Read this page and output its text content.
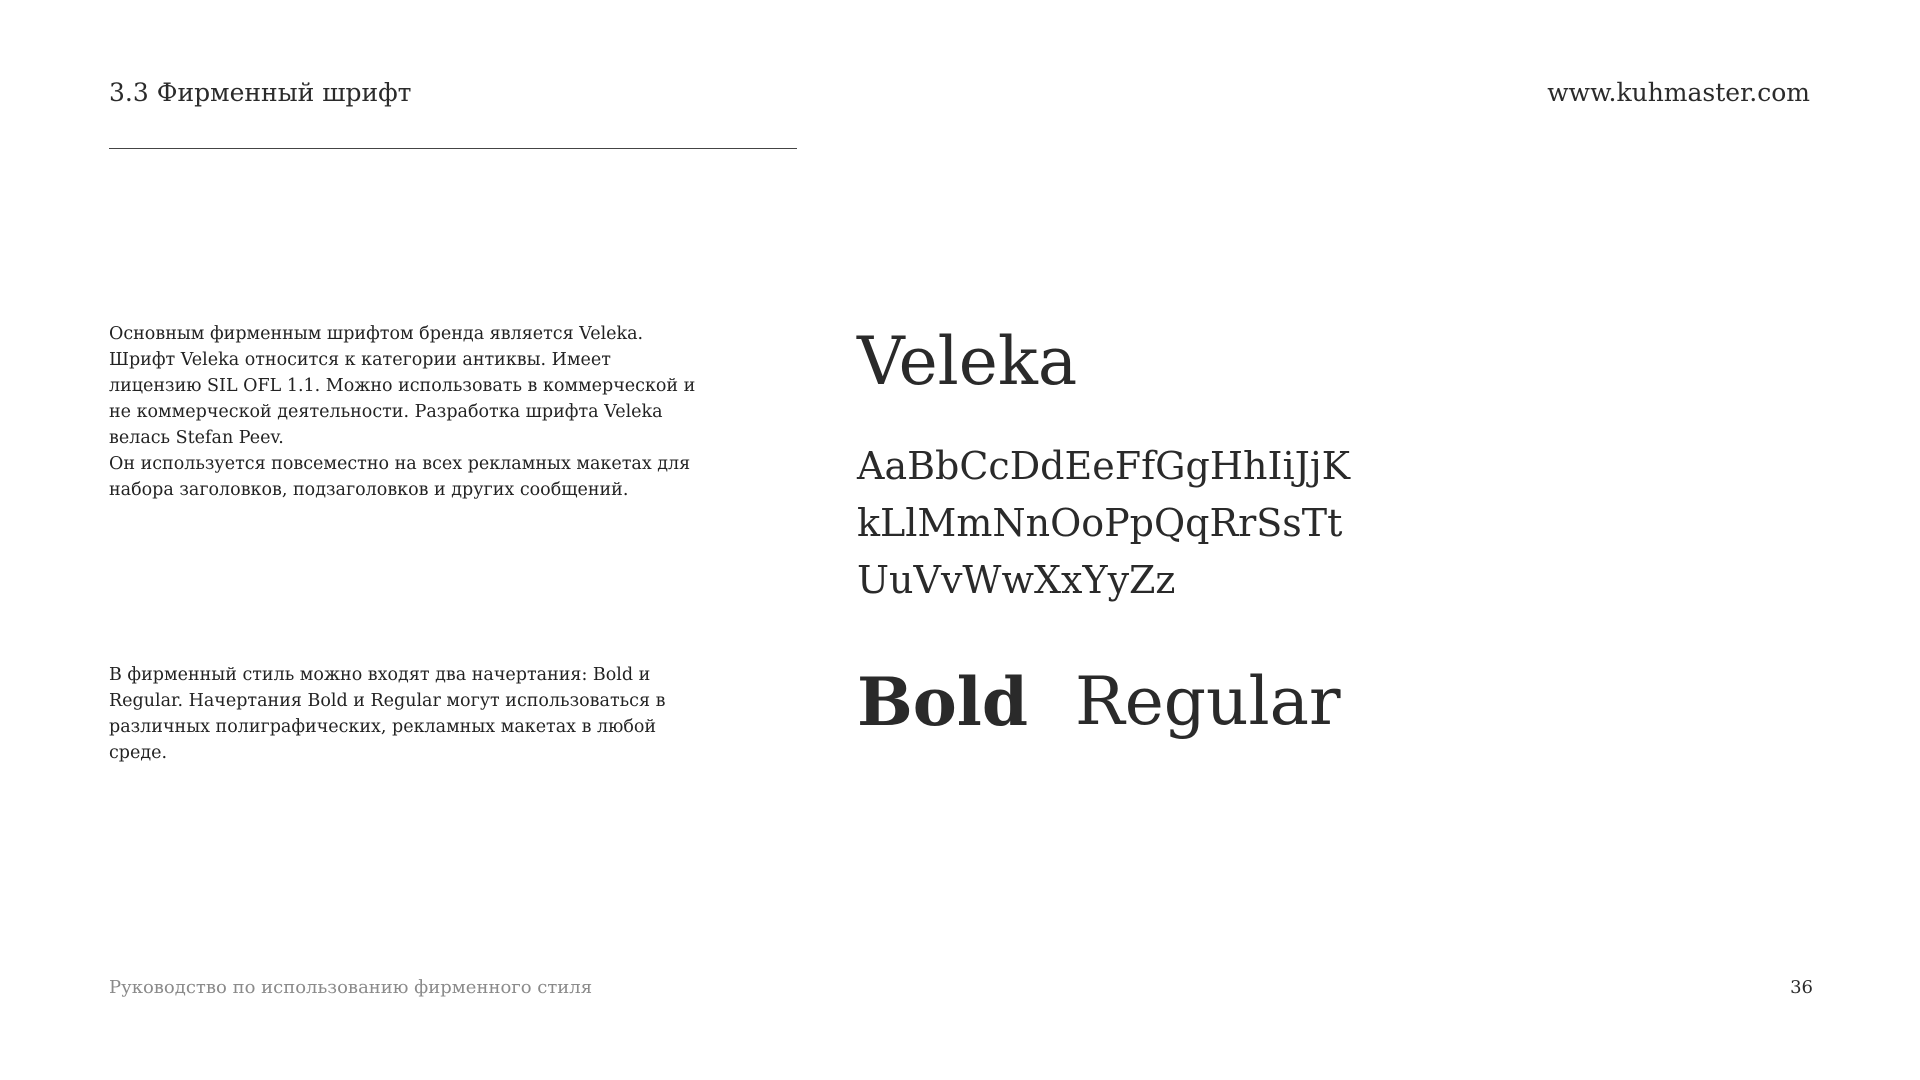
3.3 Фирменный шрифт	www.kuhmaster.com

Основным фирменным шрифтом бренда является Veleka.

Шрифт Veleka относится к категории антиквы. Имеет

лицензию SIL OFL 1.1. Можно использовать в коммерческой и

не коммерческой деятельности. Разработка шрифта Veleka

велась Stefan Peev.

Он используется повсеместно на всех рекламных макетах для

набора заголовков, подзаголовков и других сообщений.

В фирменный стиль можно входят два начертания: Bold и

Regular. Начертания Bold и Regular могут использоваться в

различных полиграфических, рекламных макетах в любой

среде.

Veleka
AaBbCcDdEeFfGgHhIiJjK
kLlMmNnOoPpQqRrSsTt
UuVvWwXxYyZz
Bold Regular
Руководство по использованию фирменного стиля	36
